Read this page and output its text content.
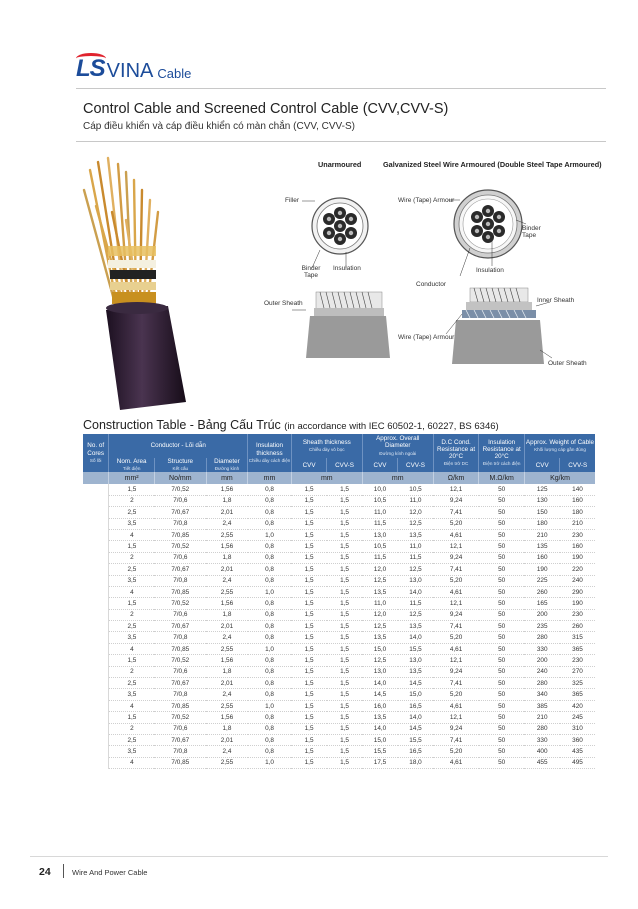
LS VINA Cable
Control Cable and Screened Control Cable (CVV,CVV-S)
Cáp điều khiển và cáp điều khiển có màn chắn (CVV, CVV-S)
Unarmoured	Galvanized Steel Wire Armoured (Double Steel Tape Armoured)
Filler
Binder Tape
Insulation
Outer Sheath
Wire (Tape) Armour
Binder Tape
Conductor
Insulation
Inner Sheath
Wire (Tape) Armour
Outer Sheath
Construction Table - Bảng Cấu Trúc (in accordance with IEC 60502-1, 60227, BS 6346)
No. of Cores
Số lõi	Conductor - Lõi dẫn			Insulation thickness
Chiều dày cách điện	Sheath thickness
Chiều dày vỏ bọc		Approx. Overall Diameter
Đường kính ngoài		D.C Cond. Resistance at 20°C
Điện trở DC	Insulation Resistance at 20°C
Điện trở cách điện	Approx. Weight of Cable
Khối lượng cáp gần đúng	

	Nom. Area
Tiết diện	Structure
Kết cấu	Diameter
Đường kính		CVV	CVV-S	CVV	CVV-S			CVV	CVV-S
	mm²	No/mm	mm	mm	mm		mm		Ω/km	M.Ω/km	Kg/km	
	1,5	7/0,52	1,56	0,8	1,5	1,5	10,0	10,5	12,1	50	125	140
	2	7/0,6	1,8	0,8	1,5	1,5	10,5	11,0	9,24	50	130	160
	2,5	7/0,67	2,01	0,8	1,5	1,5	11,0	12,0	7,41	50	150	180
	3,5	7/0,8	2,4	0,8	1,5	1,5	11,5	12,5	5,20	50	180	210
	4	7/0,85	2,55	1,0	1,5	1,5	13,0	13,5	4,61	50	210	230
	1,5	7/0,52	1,56	0,8	1,5	1,5	10,5	11,0	12,1	50	135	160
	2	7/0,6	1,8	0,8	1,5	1,5	11,5	11,5	9,24	50	160	190
	2,5	7/0,67	2,01	0,8	1,5	1,5	12,0	12,5	7,41	50	190	220
	3,5	7/0,8	2,4	0,8	1,5	1,5	12,5	13,0	5,20	50	225	240
	4	7/0,85	2,55	1,0	1,5	1,5	13,5	14,0	4,61	50	260	290
	1,5	7/0,52	1,56	0,8	1,5	1,5	11,0	11,5	12,1	50	165	190
	2	7/0,6	1,8	0,8	1,5	1,5	12,0	12,5	9,24	50	200	230
	2,5	7/0,67	2,01	0,8	1,5	1,5	12,5	13,5	7,41	50	235	260
	3,5	7/0,8	2,4	0,8	1,5	1,5	13,5	14,0	5,20	50	280	315
	4	7/0,85	2,55	1,0	1,5	1,5	15,0	15,5	4,61	50	330	365
	1,5	7/0,52	1,56	0,8	1,5	1,5	12,5	13,0	12,1	50	200	230
	2	7/0,6	1,8	0,8	1,5	1,5	13,0	13,5	9,24	50	240	270
	2,5	7/0,67	2,01	0,8	1,5	1,5	14,0	14,5	7,41	50	280	325
	3,5	7/0,8	2,4	0,8	1,5	1,5	14,5	15,0	5,20	50	340	365
	4	7/0,85	2,55	1,0	1,5	1,5	16,0	16,5	4,61	50	385	420
	1,5	7/0,52	1,56	0,8	1,5	1,5	13,5	14,0	12,1	50	210	245
	2	7/0,6	1,8	0,8	1,5	1,5	14,0	14,5	9,24	50	280	310
	2,5	7/0,67	2,01	0,8	1,5	1,5	15,0	15,5	7,41	50	330	360
	3,5	7/0,8	2,4	0,8	1,5	1,5	15,5	16,5	5,20	50	400	435
	4	7/0,85	2,55	1,0	1,5	1,5	17,5	18,0	4,61	50	455	495
24	Wire And Power Cable
